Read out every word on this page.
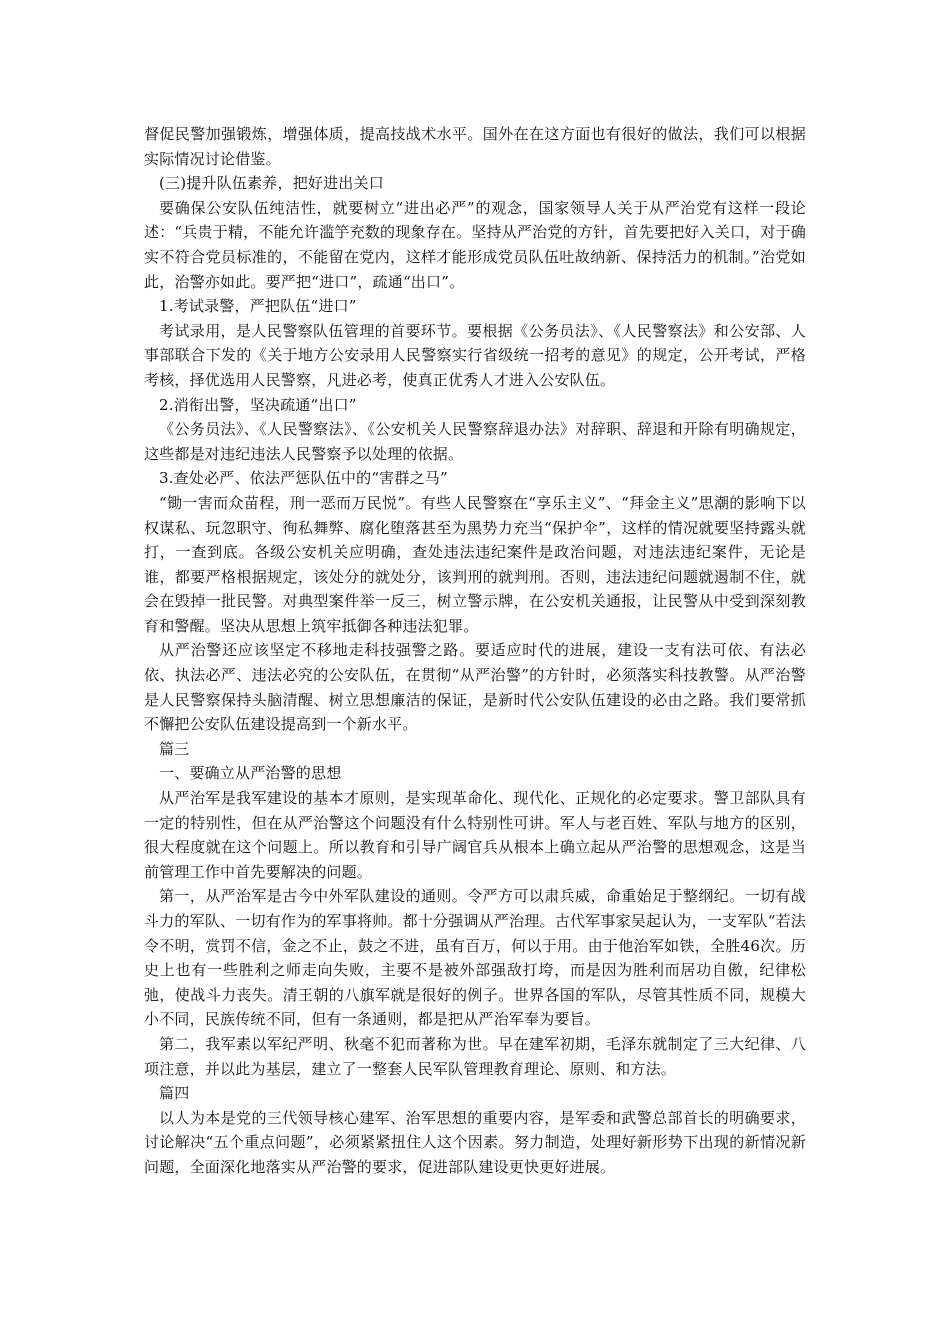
督促民警加强锻炼，增强体质，提高技战术水平。国外在在这方面也有很好的做法，我们可以根据实际情况讨论借鉴。

(三)提升队伍素养，把好进出关口

要确保公安队伍纯洁性，就要树立“进出必严”的观念，国家领导人关于从严治党有这样一段论述：“兵贵于精，不能允许滥竽充数的现象存在。坚持从严治党的方针，首先要把好入关口，对于确实不符合党员标准的，不能留在党内，这样才能形成党员队伍吐故纳新、保持活力的机制。”治党如此，治警亦如此。要严把“进口”，疏通“出口”。

1.考试录警，严把队伍“进口”

考试录用，是人民警察队伍管理的首要环节。要根据《公务员法》、《人民警察法》和公安部、人事部联合下发的《关于地方公安录用人民警察实行省级统一招考的意见》的规定，公开考试，严格考核，择优选用人民警察，凡进必考，使真正优秀人才进入公安队伍。

2.消衔出警，坚决疏通“出口”

《公务员法》、《人民警察法》、《公安机关人民警察辞退办法》对辞职、辞退和开除有明确规定，这些都是对违纪违法人民警察予以处理的依据。

3.查处必严、依法严惩队伍中的“害群之马”

“锄一害而众苗程，刑一恶而万民悦”。有些人民警察在“享乐主义”、“拜金主义”思潮的影响下以权谋私、玩忽职守、徇私舞弊、腐化堕落甚至为黑势力充当“保护伞”，这样的情况就要坚持露头就打，一查到底。各级公安机关应明确，查处违法违纪案件是政治问题，对违法违纪案件，无论是谁，都要严格根据规定，该处分的就处分，该判刑的就判刑。否则，违法违纪问题就遏制不住，就会在毁掉一批民警。对典型案件举一反三，树立警示牌，在公安机关通报，让民警从中受到深刻教育和警醒。坚决从思想上筑牢抵御各种违法犯罪。

从严治警还应该坚定不移地走科技强警之路。要适应时代的进展，建设一支有法可依、有法必依、执法必严、违法必究的公安队伍，在贯彻“从严治警”的方针时，必须落实科技教警。从严治警是人民警察保持头脑清醒、树立思想廉洁的保证，是新时代公安队伍建设的必由之路。我们要常抓不懈把公安队伍建设提高到一个新水平。

篇三

一、要确立从严治警的思想

从严治军是我军建设的基本才原则，是实现革命化、现代化、正规化的必定要求。警卫部队具有一定的特别性，但在从严治警这个问题没有什么特别性可讲。军人与老百姓、军队与地方的区别，很大程度就在这个问题上。所以教育和引导广阔官兵从根本上确立起从严治警的思想观念，这是当前管理工作中首先要解决的问题。

第一，从严治军是古今中外军队建设的通则。令严方可以肃兵威，命重始足于整纲纪。一切有战斗力的军队、一切有作为的军事将帅。都十分强调从严治理。古代军事家吴起认为，一支军队“若法令不明，赏罚不信，金之不止，鼓之不进，虽有百万，何以于用。由于他治军如铁，全胜46次。历史上也有一些胜利之师走向失败，主要不是被外部强敌打垮，而是因为胜利而居功自傲，纪律松弛，使战斗力丧失。清王朝的八旗军就是很好的例子。世界各国的军队，尽管其性质不同，规模大小不同，民族传统不同，但有一条通则，都是把从严治军奉为要旨。

第二，我军素以军纪严明、秋毫不犯而著称为世。早在建军初期，毛泽东就制定了三大纪律、八项注意，并以此为基层，建立了一整套人民军队管理教育理论、原则、和方法。

篇四

以人为本是党的三代领导核心建军、治军思想的重要内容，是军委和武警总部首长的明确要求，讨论解决“五个重点问题”，必须紧紧扭住人这个因素。努力制造，处理好新形势下出现的新情况新问题，全面深化地落实从严治警的要求，促进部队建设更快更好进展。
